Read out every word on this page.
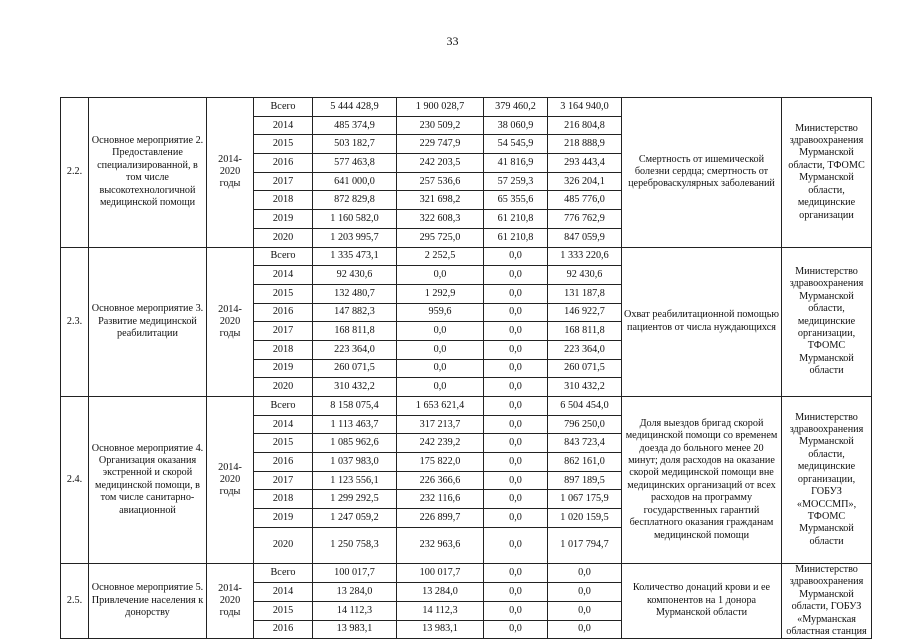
33
2.2.	Основное мероприятие 2. Предоставление специализированной, в том числе высокотехнологичной медицинской помощи	2014-2020 годы	Всего	5 444 428,9	1 900 028,7	379 460,2	3 164 940,0	Смертность от ишемической болезни сердца; смертность от цереброваскулярных заболеваний	Министерство здравоохранения Мурманской области, ТФОМС Мурманской области, медицинские организации
			2014	485 374,9	230 509,2	38 060,9	216 804,8		
			2015	503 182,7	229 747,9	54 545,9	218 888,9		
			2016	577 463,8	242 203,5	41 816,9	293 443,4		
			2017	641 000,0	257 536,6	57 259,3	326 204,1		
			2018	872 829,8	321 698,2	65 355,6	485 776,0		
			2019	1 160 582,0	322 608,3	61 210,8	776 762,9		
			2020	1 203 995,7	295 725,0	61 210,8	847 059,9		
2.3.	Основное мероприятие 3. Развитие медицинской реабилитации	2014-2020 годы	Всего	1 335 473,1	2 252,5	0,0	1 333 220,6	Охват реабилитационной помощью пациентов от числа нуждающихся	Министерство здравоохранения Мурманской области, медицинские организации, ТФОМС Мурманской области
			2014	92 430,6	0,0	0,0	92 430,6		
			2015	132 480,7	1 292,9	0,0	131 187,8		
			2016	147 882,3	959,6	0,0	146 922,7		
			2017	168 811,8	0,0	0,0	168 811,8		
			2018	223 364,0	0,0	0,0	223 364,0		
			2019	260 071,5	0,0	0,0	260 071,5		
			2020	310 432,2	0,0	0,0	310 432,2		
2.4.	Основное мероприятие 4. Организация оказания экстренной и скорой медицинской помощи, в том числе санитарно-авиационной	2014-2020 годы	Всего	8 158 075,4	1 653 621,4	0,0	6 504 454,0	Доля выездов бригад скорой медицинской помощи со временем доезда до больного менее 20 минут; доля расходов на оказание скорой медицинской помощи вне медицинских организаций от всех расходов на программу государственных гарантий бесплатного оказания гражданам медицинской помощи	Министерство здравоохранения Мурманской области, медицинские организации, ГОБУЗ «МОССМП», ТФОМС Мурманской области
			2014	1 113 463,7	317 213,7	0,0	796 250,0		
			2015	1 085 962,6	242 239,2	0,0	843 723,4		
			2016	1 037 983,0	175 822,0	0,0	862 161,0		
			2017	1 123 556,1	226 366,6	0,0	897 189,5		
			2018	1 299 292,5	232 116,6	0,0	1 067 175,9		
			2019	1 247 059,2	226 899,7	0,0	1 020 159,5		
			2020	1 250 758,3	232 963,6	0,0	1 017 794,7		
2.5.	Основное мероприятие 5. Привлечение населения к донорству	2014-2020 годы	Всего	100 017,7	100 017,7	0,0	0,0	Количество донаций крови и ее компонентов на 1 донора Мурманской области	Министерство здравоохранения Мурманской области, ГОБУЗ «Мурманская областная станция
			2014	13 284,0	13 284,0	0,0	0,0		
			2015	14 112,3	14 112,3	0,0	0,0		
			2016	13 983,1	13 983,1	0,0	0,0		
